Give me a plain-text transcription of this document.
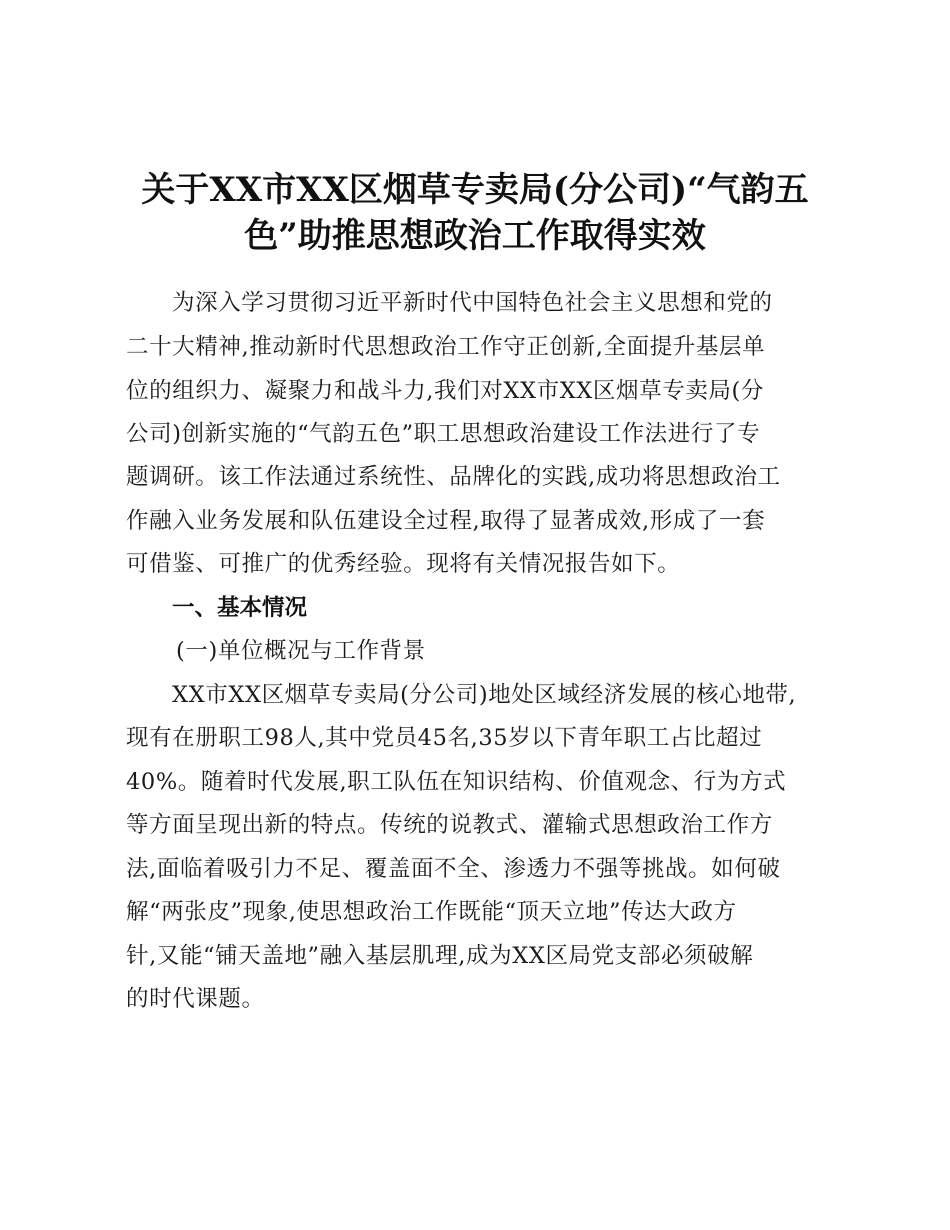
关于XX市XX区烟草专卖局(分公司)“气韵五
色”助推思想政治工作取得实效
为深入学习贯彻习近平新时代中国特色社会主义思想和党的
二十大精神,推动新时代思想政治工作守正创新,全面提升基层单
位的组织力、凝聚力和战斗力,我们对XX市XX区烟草专卖局(分
公司)创新实施的“气韵五色”职工思想政治建设工作法进行了专
题调研。该工作法通过系统性、品牌化的实践,成功将思想政治工
作融入业务发展和队伍建设全过程,取得了显著成效,形成了一套
可借鉴、可推广的优秀经验。现将有关情况报告如下。
一、基本情况
(一)单位概况与工作背景
XX市XX区烟草专卖局(分公司)地处区域经济发展的核心地带,
现有在册职工98人,其中党员45名,35岁以下青年职工占比超过
40%。随着时代发展,职工队伍在知识结构、价值观念、行为方式
等方面呈现出新的特点。传统的说教式、灌输式思想政治工作方
法,面临着吸引力不足、覆盖面不全、渗透力不强等挑战。如何破
解“两张皮”现象,使思想政治工作既能“顶天立地”传达大政方
针,又能“铺天盖地”融入基层肌理,成为XX区局党支部必须破解
的时代课题。
